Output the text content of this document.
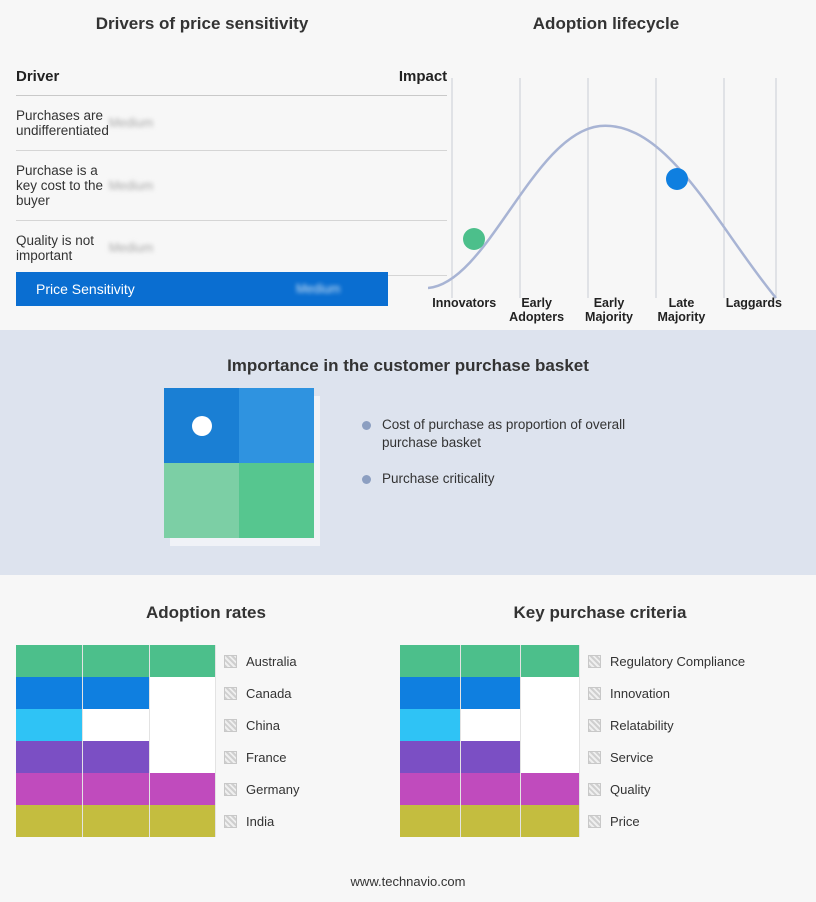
Drivers of price sensitivity
Driver	Impact
Purchases are undifferentiated	Medium
Purchase is a key cost to the buyer	Medium
Quality is not important	Medium
Price Sensitivity	Medium
Adoption lifecycle
Innovators	Early Adopters
Early Majority
Late Majority
Laggards
Importance in the customer purchase basket
Cost of purchase as proportion of overall purchase basket
Purchase criticality
Adoption rates
Australia
Canada
China
France
Germany
India
Key purchase criteria
Regulatory Compliance
Innovation
Relatability
Service
Quality
Price
www.technavio.com
